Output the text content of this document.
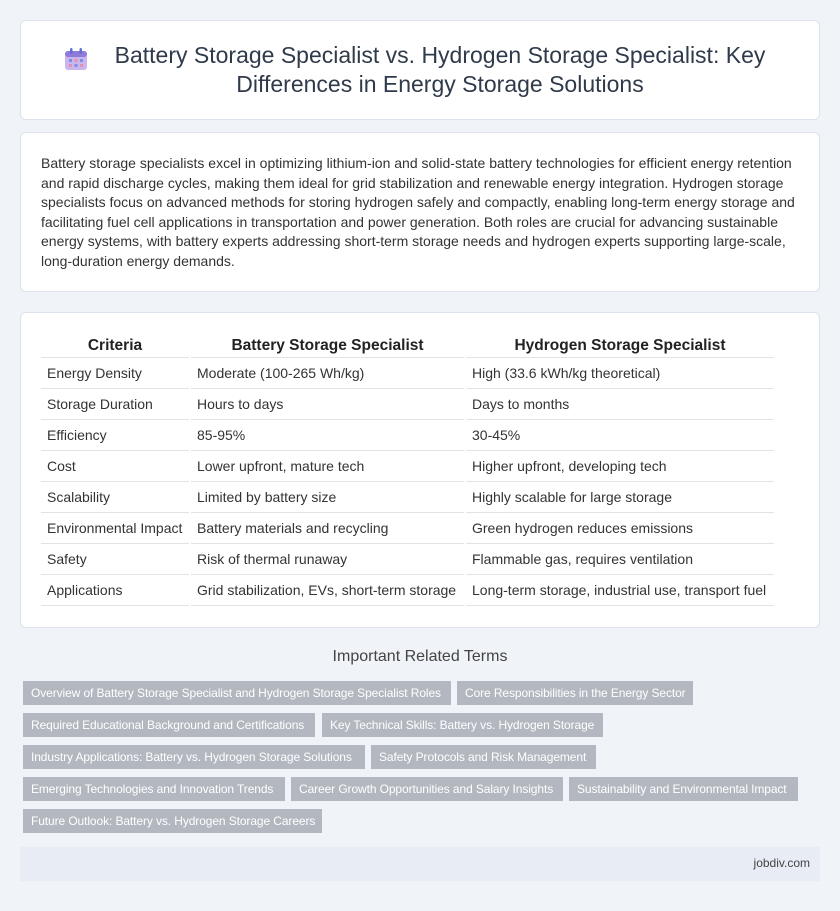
Battery Storage Specialist vs. Hydrogen Storage Specialist: Key Differences in Energy Storage Solutions

Battery storage specialists excel in optimizing lithium-ion and solid-state battery technologies for efficient energy retention and rapid discharge cycles, making them ideal for grid stabilization and renewable energy integration. Hydrogen storage specialists focus on advanced methods for storing hydrogen safely and compactly, enabling long-term energy storage and facilitating fuel cell applications in transportation and power generation. Both roles are crucial for advancing sustainable energy systems, with battery experts addressing short-term storage needs and hydrogen experts supporting large-scale, long-duration energy demands.

Criteria	Battery Storage Specialist	Hydrogen Storage Specialist
Energy Density	Moderate (100-265 Wh/kg)	High (33.6 kWh/kg theoretical)
Storage Duration	Hours to days	Days to months
Efficiency	85-95%	30-45%
Cost	Lower upfront, mature tech	Higher upfront, developing tech
Scalability	Limited by battery size	Highly scalable for large storage
Environmental Impact	Battery materials and recycling	Green hydrogen reduces emissions
Safety	Risk of thermal runaway	Flammable gas, requires ventilation
Applications	Grid stabilization, EVs, short-term storage	Long-term storage, industrial use, transport fuel
Important Related Terms
Overview of Battery Storage Specialist and Hydrogen Storage Specialist Roles	Core Responsibilities in the Energy Sector
Required Educational Background and Certifications	Key Technical Skills: Battery vs. Hydrogen Storage
Industry Applications: Battery vs. Hydrogen Storage Solutions	Safety Protocols and Risk Management
Emerging Technologies and Innovation Trends	Career Growth Opportunities and Salary Insights	Sustainability and Environmental Impact
Future Outlook: Battery vs. Hydrogen Storage Careers
jobdiv.com
